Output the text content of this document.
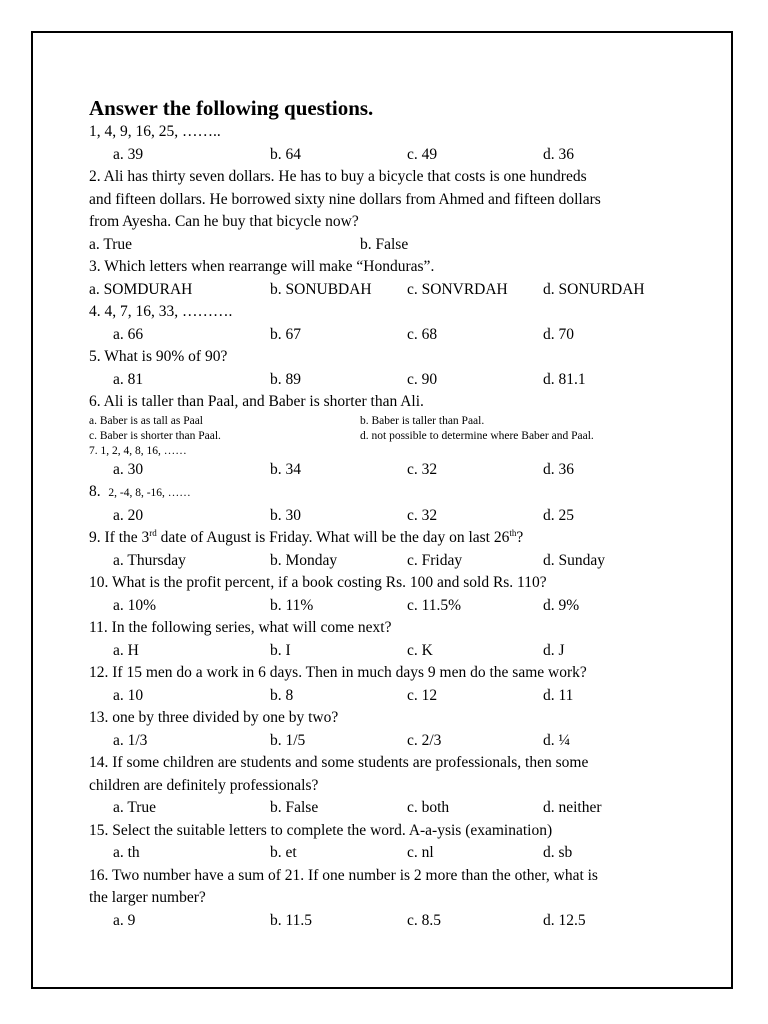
Answer the following questions.
1, 4, 9, 16, 25, ……..
a. 39	b. 64	c. 49	d. 36
2. Ali has thirty seven dollars. He has to buy a bicycle that costs is one hundreds
and fifteen dollars. He borrowed sixty nine dollars from Ahmed and fifteen dollars
from Ayesha. Can he buy that bicycle now?
a. True	b. False
3. Which letters when rearrange will make “Honduras”.
a. SOMDURAH	b. SONUBDAH c. SONVRDAH d. SONURDAH
4. 4, 7, 16, 33, ……….
a. 66	b. 67	c. 68	d. 70
5. What is 90% of 90?
a. 81	b. 89	c. 90	d. 81.1
6. Ali is taller than Paal, and Baber is shorter than Ali.
a. Baber is as tall as Paal	b. Baber is taller than Paal.
c. Baber is shorter than Paal.	d. not possible to determine where Baber and Paal.
7. 1, 2, 4, 8, 16, ……
a. 30	b. 34	c. 32	d. 36
8. 2, -4, 8, -16, ……
a. 20	b. 30	c. 32	d. 25
9. If the 3rd date of August is Friday. What will be the day on last 26th?
a. Thursday	b. Monday	c. Friday	d. Sunday
10. What is the profit percent, if a book costing Rs. 100 and sold Rs. 110?
a. 10%	b. 11%	c. 11.5%	d. 9%
11. In the following series, what will come next?
a. H	b. I	c. K	d. J
12. If 15 men do a work in 6 days. Then in much days 9 men do the same work?
a. 10	b. 8	c. 12	d. 11
13. one by three divided by one by two?
a. 1/3	b. 1/5	c. 2/3	d. ¼
14. If some children are students and some students are professionals, then some
children are definitely professionals?
a. True	b. False	c. both	d. neither
15. Select the suitable letters to complete the word. A-a-ysis (examination)
a. th	b. et	c. nl	d. sb
16. Two number have a sum of 21. If one number is 2 more than the other, what is
the larger number?
a. 9	b. 11.5	c. 8.5	d. 12.5
